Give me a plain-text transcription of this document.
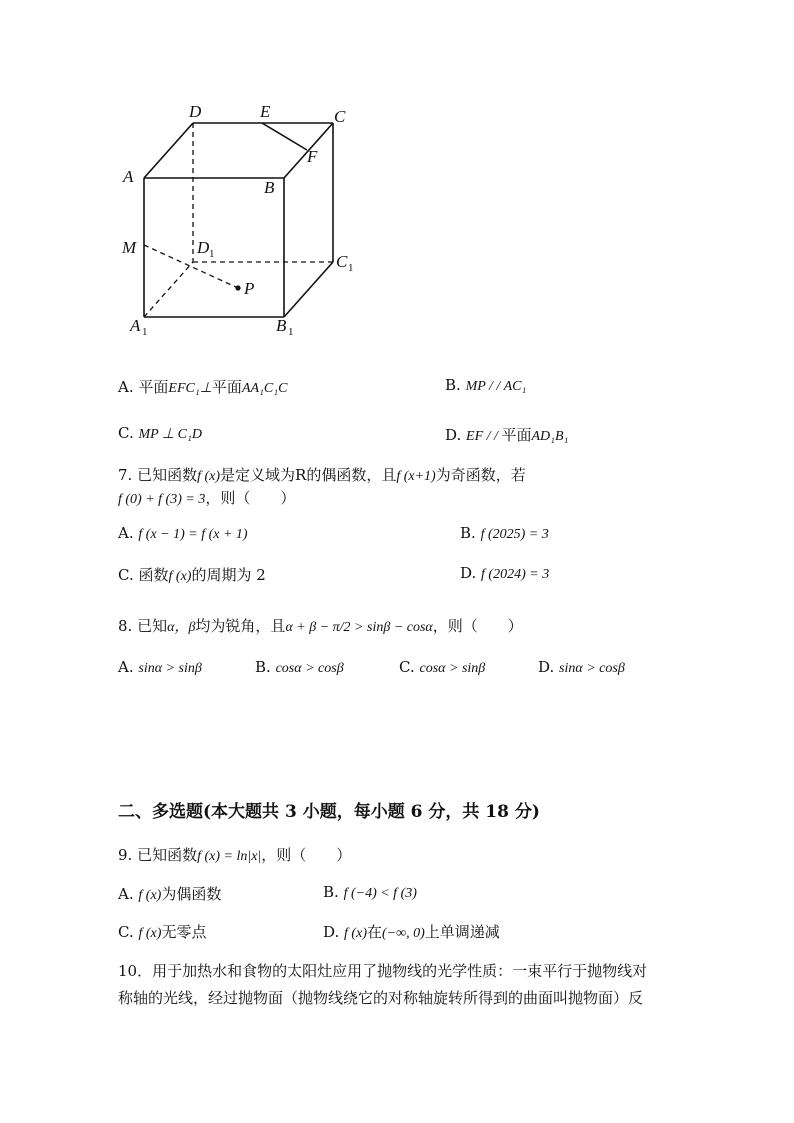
D	E	C
F
A
B
M	D 1	C 1
P
A 1	B 1
A. 平面EFC₁⊥平面AA₁C₁C	B. MP / / AC₁
C. MP ⊥ C₁D	D. EF / / 平面AD₁B₁
7. 已知函数f (x)是定义域为R的偶函数，且f (x+1)为奇函数，若
f (0) + f (3) = 3，则（　　）
A. f (x − 1) = f (x + 1)	B. f (2025) = 3
C. 函数f (x)的周期为 2	D. f (2024) = 3
8. 已知α，β均为锐角，且α + β − π/2 > sinβ − cosα，则（　　）
A. sinα > sinβ	B. cosα > cosβ	C. cosα > sinβ	D. sinα > cosβ
二、多选题(本大题共 3 小题，每小题 6 分，共 18 分)
9. 已知函数f (x) = ln|x|，则（　　）
A. f (x)为偶函数	B. f (−4) < f (3)
C. f (x)无零点	D. f (x)在(−∞, 0)上单调递减
10．用于加热水和食物的太阳灶应用了抛物线的光学性质：一束平行于抛物线对
称轴的光线，经过抛物面（抛物线绕它的对称轴旋转所得到的曲面叫抛物面）反
